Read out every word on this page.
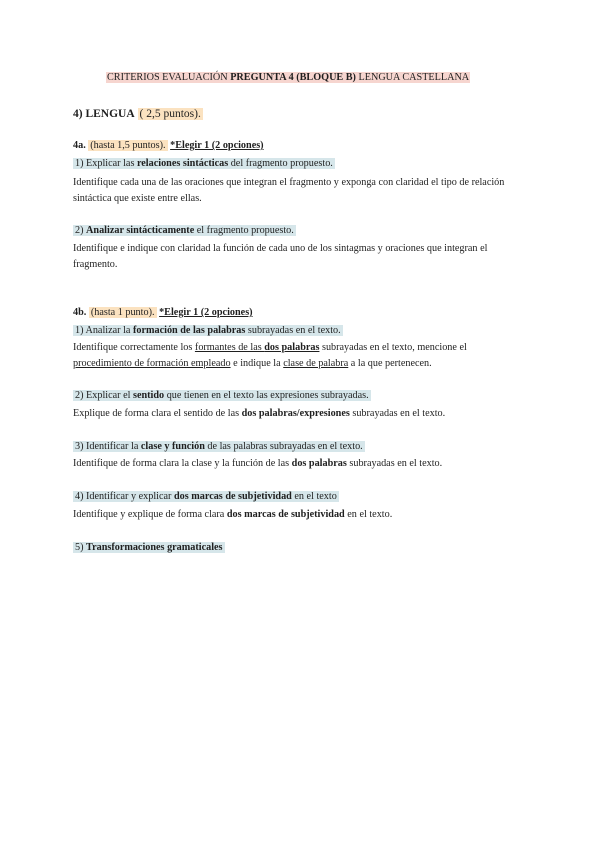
CRITERIOS EVALUACIÓN PREGUNTA 4 (BLOQUE B) LENGUA CASTELLANA
4) LENGUA ( 2,5 puntos).
4a. (hasta 1,5 puntos). *Elegir 1 (2 opciones)
1) Explicar las relaciones sintácticas del fragmento propuesto.
Identifique cada una de las oraciones que integran el fragmento y exponga con claridad el tipo de relación
sintáctica que existe entre ellas.
2) Analizar sintácticamente el fragmento propuesto.
Identifique e indique con claridad la función de cada uno de los sintagmas y oraciones que integran el
fragmento.
4b. (hasta 1 punto). *Elegir 1 (2 opciones)
1) Analizar la formación de las palabras subrayadas en el texto.
Identifique correctamente los formantes de las dos palabras subrayadas en el texto, mencione el
procedimiento de formación empleado e indique la clase de palabra a la que pertenecen.
2) Explicar el sentido que tienen en el texto las expresiones subrayadas.
Explique de forma clara el sentido de las dos palabras/expresiones subrayadas en el texto.
3) Identificar la clase y función de las palabras subrayadas en el texto.
Identifique de forma clara la clase y la función de las dos palabras subrayadas en el texto.
4) Identificar y explicar dos marcas de subjetividad en el texto
Identifique y explique de forma clara dos marcas de subjetividad en el texto.
5) Transformaciones gramaticales
